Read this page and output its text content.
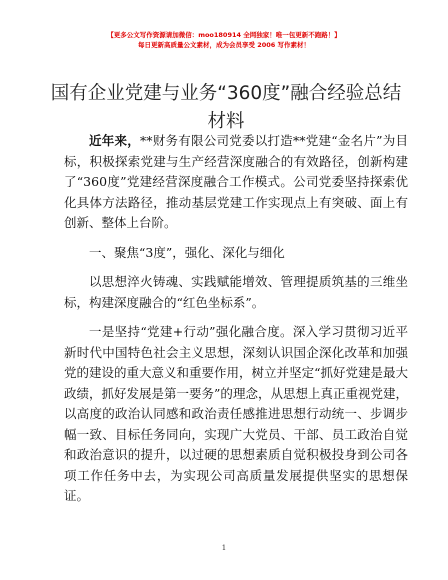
【更多公文写作资源请加微信：moo180914 全网独家！唯一包更新不跑路！】
每日更新高质量公文素材，成为会员享受 2006 写作素材！
国有企业党建与业务“360度”融合经验总结材料

近年来，**财务有限公司党委以打造**党建“金名片”为目标，积极探索党建与生产经营深度融合的有效路径，创新构建了“360度”党建经营深度融合工作模式。公司党委坚持探索优化具体方法路径，推动基层党建工作实现点上有突破、面上有创新、整体上台阶。

一、聚焦“3度”，强化、深化与细化

以思想淬火铸魂、实践赋能增效、管理提质筑基的三维坐标，构建深度融合的“红色坐标系”。

一是坚持“党建+行动”强化融合度。深入学习贯彻习近平新时代中国特色社会主义思想，深刻认识国企深化改革和加强党的建设的重大意义和重要作用，树立并坚定“抓好党建是最大政绩，抓好发展是第一要务”的理念，从思想上真正重视党建，以高度的政治认同感和政治责任感推进思想行动统一、步调步幅一致、目标任务同向，实现广大党员、干部、员工政治自觉和政治意识的提升，以过硬的思想素质自觉积极投身到公司各项工作任务中去，为实现公司高质量发展提供坚实的思想保证。

1
